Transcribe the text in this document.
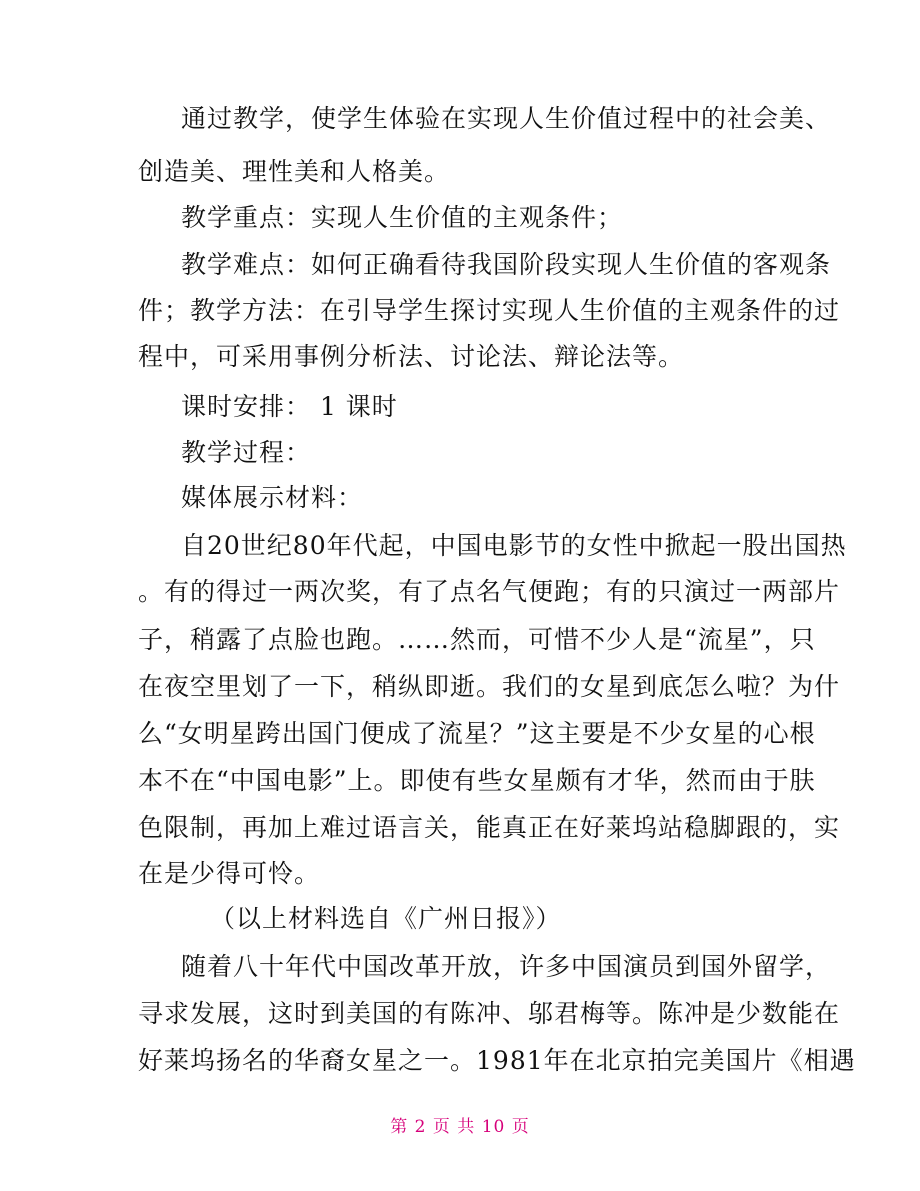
通过教学，使学生体验在实现人生价值过程中的社会美、
创造美、理性美和人格美。
教学重点：实现人生价值的主观条件；
教学难点：如何正确看待我国阶段实现人生价值的客观条
件；教学方法：在引导学生探讨实现人生价值的主观条件的过
程中，可采用事例分析法、讨论法、辩论法等。
课时安排： 1 课时
教学过程：
媒体展示材料：
自20世纪80年代起，中国电影节的女性中掀起一股出国热
。有的得过一两次奖，有了点名气便跑；有的只演过一两部片
子，稍露了点脸也跑。……然而，可惜不少人是“流星”，只
在夜空里划了一下，稍纵即逝。我们的女星到底怎么啦？为什
么“女明星跨出国门便成了流星？”这主要是不少女星的心根
本不在“中国电影”上。即使有些女星颇有才华，然而由于肤
色限制，再加上难过语言关，能真正在好莱坞站稳脚跟的，实
在是少得可怜。
（以上材料选自《广州日报》）
随着八十年代中国改革开放，许多中国演员到国外留学，
寻求发展，这时到美国的有陈冲、邬君梅等。陈冲是少数能在
好莱坞扬名的华裔女星之一。1981年在北京拍完美国片《相遇
第 2 页 共 10 页
